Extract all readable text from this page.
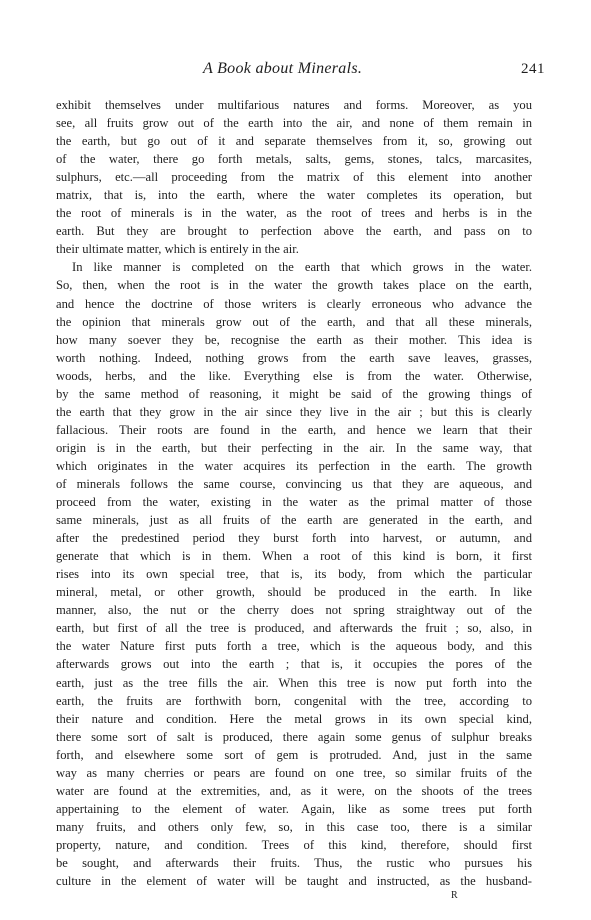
A Book about Minerals.	241
exhibit themselves under multifarious natures and forms. Moreover, as you
see, all fruits grow out of the earth into the air, and none of them remain in
the earth, but go out of it and separate themselves from it, so, growing out
of the water, there go forth metals, salts, gems, stones, talcs, marcasites,
sulphurs, etc.—all proceeding from the matrix of this element into another
matrix, that is, into the earth, where the water completes its operation, but
the root of minerals is in the water, as the root of trees and herbs is in the
earth. But they are brought to perfection above the earth, and pass on to
their ultimate matter, which is entirely in the air.
In like manner is completed on the earth that which grows in the water.
So, then, when the root is in the water the growth takes place on the earth,
and hence the doctrine of those writers is clearly erroneous who advance the
the opinion that minerals grow out of the earth, and that all these minerals,
how many soever they be, recognise the earth as their mother. This idea is
worth nothing. Indeed, nothing grows from the earth save leaves, grasses,
woods, herbs, and the like. Everything else is from the water. Otherwise,
by the same method of reasoning, it might be said of the growing things of
the earth that they grow in the air since they live in the air ; but this is clearly
fallacious. Their roots are found in the earth, and hence we learn that their
origin is in the earth, but their perfecting in the air. In the same way, that
which originates in the water acquires its perfection in the earth. The growth
of minerals follows the same course, convincing us that they are aqueous, and
proceed from the water, existing in the water as the primal matter of those
same minerals, just as all fruits of the earth are generated in the earth, and
after the predestined period they burst forth into harvest, or autumn, and
generate that which is in them. When a root of this kind is born, it first
rises into its own special tree, that is, its body, from which the particular
mineral, metal, or other growth, should be produced in the earth. In like
manner, also, the nut or the cherry does not spring straightway out of the
earth, but first of all the tree is produced, and afterwards the fruit ; so, also, in
the water Nature first puts forth a tree, which is the aqueous body, and this
afterwards grows out into the earth ; that is, it occupies the pores of the
earth, just as the tree fills the air. When this tree is now put forth into the
earth, the fruits are forthwith born, congenital with the tree, according to
their nature and condition. Here the metal grows in its own special kind,
there some sort of salt is produced, there again some genus of sulphur breaks
forth, and elsewhere some sort of gem is protruded. And, just in the same
way as many cherries or pears are found on one tree, so similar fruits of the
water are found at the extremities, and, as it were, on the shoots of the trees
appertaining to the element of water. Again, like as some trees put forth
many fruits, and others only few, so, in this case too, there is a similar
property, nature, and condition. Trees of this kind, therefore, should first
be sought, and afterwards their fruits. Thus, the rustic who pursues his
culture in the element of water will be taught and instructed, as the husband-
R
